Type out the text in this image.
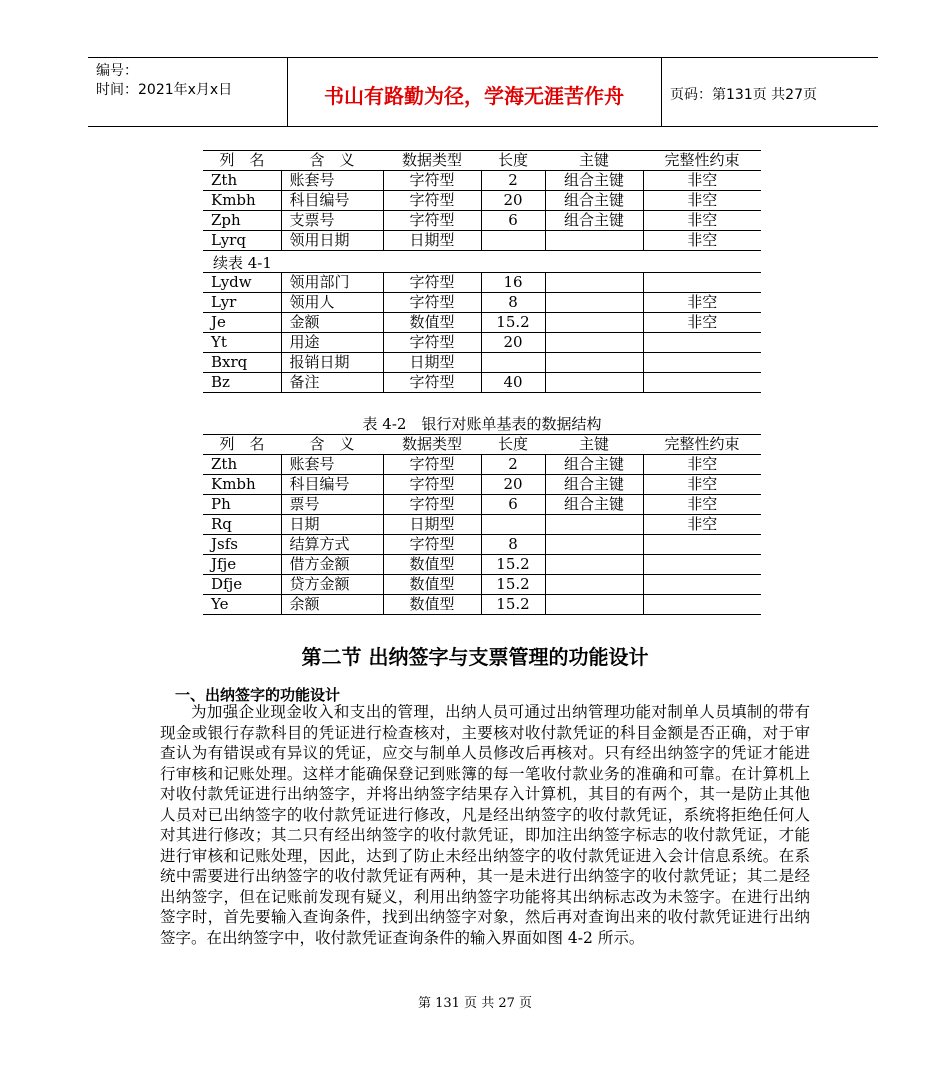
编号：
时间：2021年x月x日	书山有路勤为径，学海无涯苦作舟	页码：第131页 共27页
列　名	含　义	数据类型	长度	主键	完整性约束
Zth	账套号	字符型	2	组合主键	非空
Kmbh	科目编号	字符型	20	组合主键	非空
Zph	支票号	字符型	6	组合主键	非空
Lyrq	领用日期	日期型			非空
续表 4-1
Lydw	领用部门	字符型	16		
Lyr	领用人	字符型	8		非空
Je	金额	数值型	15.2		非空
Yt	用途	字符型	20		
Bxrq	报销日期	日期型			
Bz	备注	字符型	40		
表 4-2　银行对账单基表的数据结构
列　名	含　义	数据类型	长度	主键	完整性约束
Zth	账套号	字符型	2	组合主键	非空
Kmbh	科目编号	字符型	20	组合主键	非空
Ph	票号	字符型	6	组合主键	非空
Rq	日期	日期型			非空
Jsfs	结算方式	字符型	8		
Jfje	借方金额	数值型	15.2		
Dfje	贷方金额	数值型	15.2		
Ye	余额	数值型	15.2		
第二节 出纳签字与支票管理的功能设计
一、出纳签字的功能设计
为加强企业现金收入和支出的管理，出纳人员可通过出纳管理功能对制单人员填制的带有现金或银行存款科目的凭证进行检查核对，主要核对收付款凭证的科目金额是否正确，对于审查认为有错误或有异议的凭证，应交与制单人员修改后再核对。只有经出纳签字的凭证才能进行审核和记账处理。这样才能确保登记到账簿的每一笔收付款业务的准确和可靠。在计算机上对收付款凭证进行出纳签字，并将出纳签字结果存入计算机，其目的有两个，其一是防止其他人员对已出纳签字的收付款凭证进行修改，凡是经出纳签字的收付款凭证，系统将拒绝任何人对其进行修改；其二只有经出纳签字的收付款凭证，即加注出纳签字标志的收付款凭证，才能进行审核和记账处理，因此，达到了防止未经出纳签字的收付款凭证进入会计信息系统。在系统中需要进行出纳签字的收付款凭证有两种，其一是未进行出纳签字的收付款凭证；其二是经出纳签字，但在记账前发现有疑义，利用出纳签字功能将其出纳标志改为未签字。在进行出纳签字时，首先要输入查询条件，找到出纳签字对象，然后再对查询出来的收付款凭证进行出纳签字。在出纳签字中，收付款凭证查询条件的输入界面如图 4-2 所示。
第 131 页 共 27 页
